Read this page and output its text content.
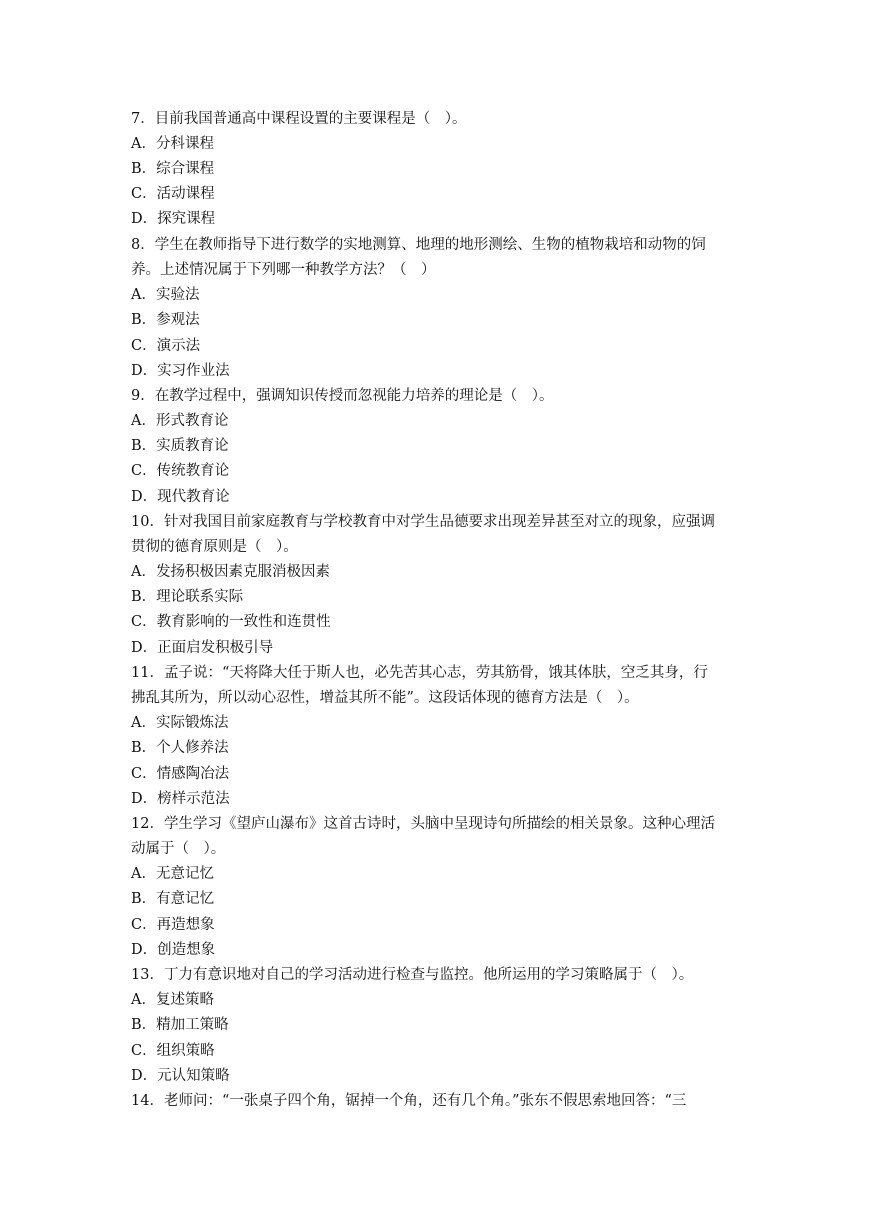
7．目前我国普通高中课程设置的主要课程是（　）。
A．分科课程
B．综合课程
C．活动课程
D．探究课程
8．学生在教师指导下进行数学的实地测算、地理的地形测绘、生物的植物栽培和动物的饲
养。上述情况属于下列哪一种教学方法？（　）
A．实验法
B．参观法
C．演示法
D．实习作业法
9．在教学过程中，强调知识传授而忽视能力培养的理论是（　）。
A．形式教育论
B．实质教育论
C．传统教育论
D．现代教育论
10．针对我国目前家庭教育与学校教育中对学生品德要求出现差异甚至对立的现象，应强调
贯彻的德育原则是（　）。
A．发扬积极因素克服消极因素
B．理论联系实际
C．教育影响的一致性和连贯性
D．正面启发积极引导
11．孟子说：“天将降大任于斯人也，必先苦其心志，劳其筋骨，饿其体肤，空乏其身，行
拂乱其所为，所以动心忍性，增益其所不能”。这段话体现的德育方法是（　）。
A．实际锻炼法
B．个人修养法
C．情感陶冶法
D．榜样示范法
12．学生学习《望庐山瀑布》这首古诗时，头脑中呈现诗句所描绘的相关景象。这种心理活
动属于（　）。
A．无意记忆
B．有意记忆
C．再造想象
D．创造想象
13．丁力有意识地对自己的学习活动进行检查与监控。他所运用的学习策略属于（　）。
A．复述策略
B．精加工策略
C．组织策略
D．元认知策略
14．老师问：“一张桌子四个角，锯掉一个角，还有几个角。”张东不假思索地回答：“三
